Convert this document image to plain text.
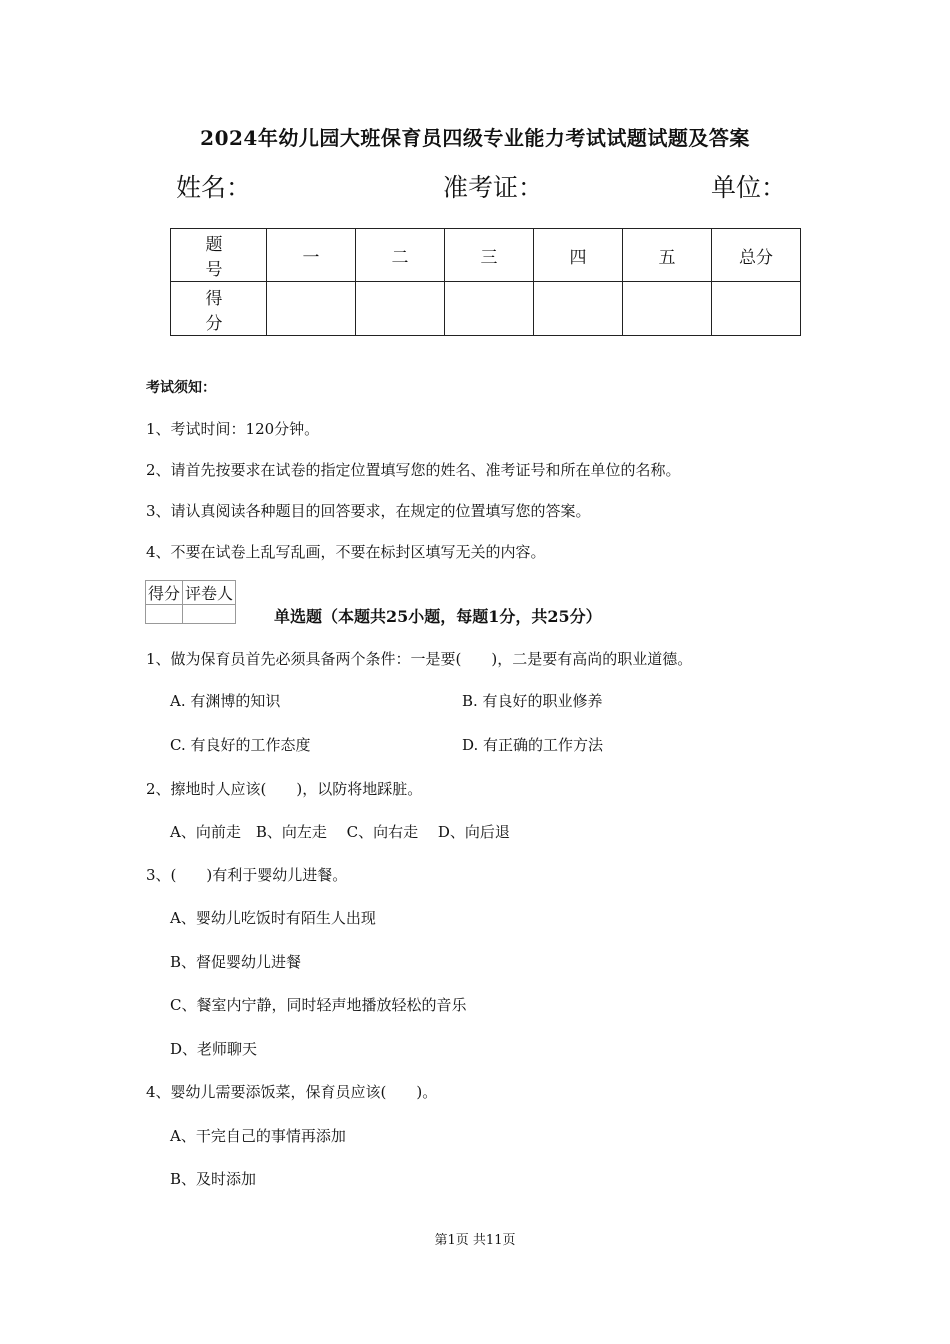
2024年幼儿园大班保育员四级专业能力考试试题试题及答案
姓名：	准考证：	单位：
题　号	一	二	三	四	五	总分
得　分						
考试须知：
1、考试时间：120分钟。
2、请首先按要求在试卷的指定位置填写您的姓名、准考证号和所在单位的名称。
3、请认真阅读各种题目的回答要求，在规定的位置填写您的答案。
4、不要在试卷上乱写乱画，不要在标封区填写无关的内容。
得分	评卷人

单选题（本题共25小题，每题1分，共25分）
1、做为保育员首先必须具备两个条件：一是要(　　)，二是要有高尚的职业道德。
A. 有渊博的知识	B. 有良好的职业修养
C. 有良好的工作态度	D. 有正确的工作方法
2、擦地时人应该(　　)，以防将地踩脏。
A、向前走　B、向左走　 C、向右走　 D、向后退
3、(　　)有利于婴幼儿进餐。
A、婴幼儿吃饭时有陌生人出现
B、督促婴幼儿进餐
C、餐室内宁静，同时轻声地播放轻松的音乐
D、老师聊天
4、婴幼儿需要添饭菜，保育员应该(　　)。
A、干完自己的事情再添加
B、及时添加
第1页 共11页
